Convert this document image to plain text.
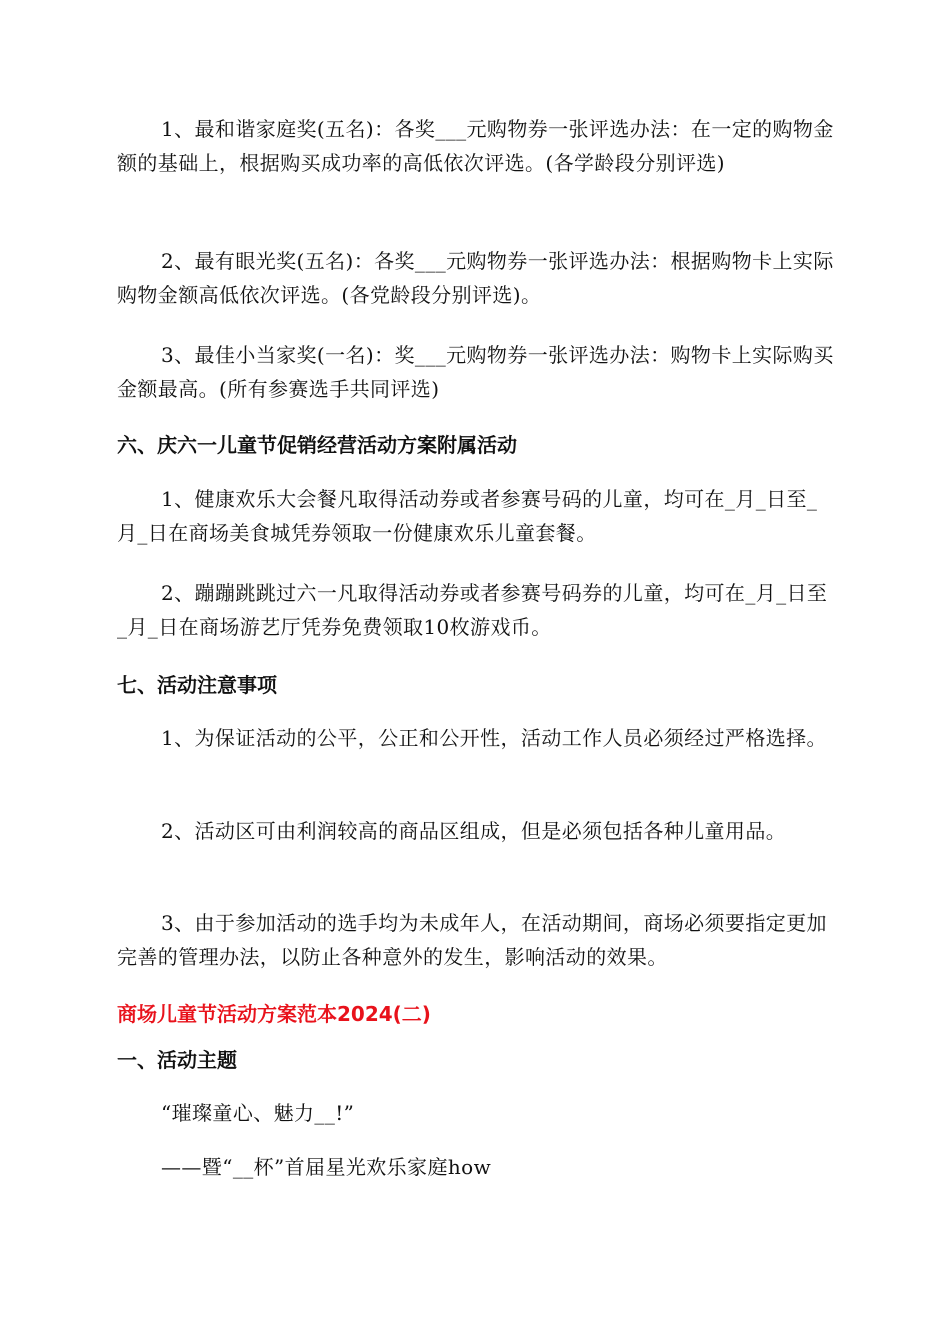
1、最和谐家庭奖(五名)：各奖___元购物券一张评选办法：在一定的购物金额的基础上，根据购买成功率的高低依次评选。(各学龄段分别评选)

2、最有眼光奖(五名)：各奖___元购物券一张评选办法：根据购物卡上实际购物金额高低依次评选。(各党龄段分别评选)。

3、最佳小当家奖(一名)：奖___元购物券一张评选办法：购物卡上实际购买金额最高。(所有参赛选手共同评选)

六、庆六一儿童节促销经营活动方案附属活动

1、健康欢乐大会餐凡取得活动券或者参赛号码的儿童，均可在_月_日至_月_日在商场美食城凭券领取一份健康欢乐儿童套餐。

2、蹦蹦跳跳过六一凡取得活动券或者参赛号码券的儿童，均可在_月_日至_月_日在商场游艺厅凭券免费领取10枚游戏币。

七、活动注意事项

1、为保证活动的公平，公正和公开性，活动工作人员必须经过严格选择。

2、活动区可由利润较高的商品区组成，但是必须包括各种儿童用品。

3、由于参加活动的选手均为未成年人，在活动期间，商场必须要指定更加完善的管理办法，以防止各种意外的发生，影响活动的效果。

商场儿童节活动方案范本2024(二)
一、活动主题

“璀璨童心、魅力__!”

——暨“__杯”首届星光欢乐家庭how
